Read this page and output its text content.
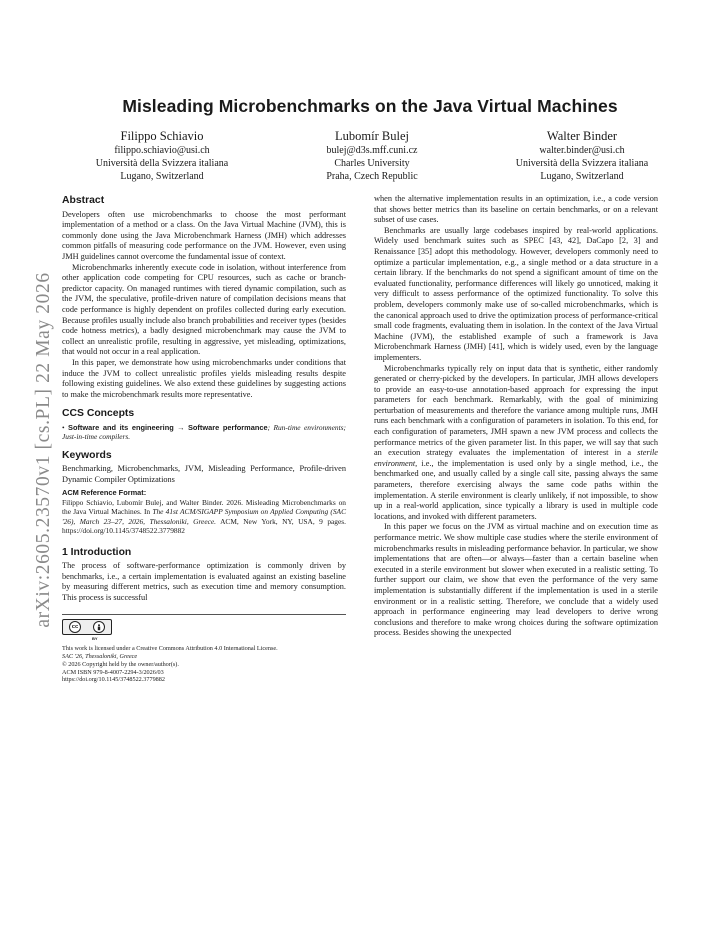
arXiv:2605.23570v1 [cs.PL] 22 May 2026
Misleading Microbenchmarks on the Java Virtual Machines
Filippo Schiavio
filippo.schiavio@usi.ch
Università della Svizzera italiana
Lugano, Switzerland
Lubomír Bulej
bulej@d3s.mff.cuni.cz
Charles University
Praha, Czech Republic
Walter Binder
walter.binder@usi.ch
Università della Svizzera italiana
Lugano, Switzerland
Abstract

Developers often use microbenchmarks to choose the most performant implementation of a method or a class. On the Java Virtual Machine (JVM), this is commonly done using the Java Microbenchmark Harness (JMH) which addresses common pitfalls of measuring code performance on the JVM. However, even using JMH guidelines cannot overcome the fundamental issue of context.

Microbenchmarks inherently execute code in isolation, without interference from other application code competing for CPU resources, such as cache or branch-predictor capacity. On managed runtimes with tiered dynamic compilation, such as the JVM, the speculative, profile-driven nature of compilation decisions means that code performance is highly dependent on profiles collected during early execution. Because profiles usually include also branch probabilities and receiver types (besides code hotness metrics), a badly designed microbenchmark may cause the JVM to collect an unrealistic profile, resulting in aggressive, yet misleading, optimizations, that would not occur in a real application.

In this paper, we demonstrate how using microbenchmarks under conditions that induce the JVM to collect unrealistic profiles yields misleading results despite following existing guidelines. We also extend these guidelines by suggesting actions to make the microbenchmark results more representative.

CCS Concepts

• Software and its engineering → Software performance; Run-time environments; Just-in-time compilers.

Keywords

Benchmarking, Microbenchmarks, JVM, Misleading Performance, Profile-driven Dynamic Compiler Optimizations

ACM Reference Format:

Filippo Schiavio, Lubomír Bulej, and Walter Binder. 2026. Misleading Microbenchmarks on the Java Virtual Machines. In The 41st ACM/SIGAPP Symposium on Applied Computing (SAC '26), March 23–27, 2026, Thessaloniki, Greece. ACM, New York, NY, USA, 9 pages. https://doi.org/10.1145/3748522.3779882

1 Introduction

The process of software-performance optimization is commonly driven by benchmarks, i.e., a certain implementation is evaluated against an existing baseline by measuring different metrics, such as execution time and memory consumption. This process is successful

cc
BY
This work is licensed under a Creative Commons Attribution 4.0 International License.
SAC '26, Thessaloniki, Greece
© 2026 Copyright held by the owner/author(s).
ACM ISBN 979-8-4007-2294-3/2026/03
https://doi.org/10.1145/3748522.3779882

when the alternative implementation results in an optimization, i.e., a code version that shows better metrics than its baseline on certain benchmarks, or on a relevant subset of use cases.

Benchmarks are usually large codebases inspired by real-world applications. Widely used benchmark suites such as SPEC [43, 42], DaCapo [2, 3] and Renaissance [35] adopt this methodology. However, developers commonly need to optimize a particular implementation, e.g., a single method or a data structure in a certain library. If the benchmarks do not spend a significant amount of time on the evaluated functionality, performance differences will likely go unnoticed, making it very difficult to assess performance of the optimized functionality. To solve this problem, developers commonly make use of so-called microbenchmarks, which is the canonical approach used to drive the optimization process of performance-critical small code fragments, evaluating them in isolation. In the context of the Java Virtual Machine (JVM), the established example of such a framework is Java Microbenchmark Harness (JMH) [41], which is widely used, even by the language implementers.

Microbenchmarks typically rely on input data that is synthetic, either randomly generated or cherry-picked by the developers. In particular, JMH allows developers to provide an easy-to-use annotation-based approach for expressing the input parameters for each benchmark. Remarkably, with the goal of minimizing perturbation of measurements and therefore the variance among multiple runs, JMH runs each benchmark with a configuration of parameters in isolation. To this end, for each configuration of parameters, JMH spawn a new JVM process and collects the performance metrics of the given parameter list. In this paper, we will say that such an execution strategy evaluates the implementation of interest in a sterile environment, i.e., the implementation is used only by a single method, i.e., the benchmarked one, and usually called by a single call site, passing always the same parameters, therefore exercising always the same code paths within the implementation. A sterile environment is clearly unlikely, if not impossible, to show up in a real-world application, since typically a library is used in multiple code locations, and invoked with different parameters.

In this paper we focus on the JVM as virtual machine and on execution time as performance metric. We show multiple case studies where the sterile environment of microbenchmarks results in misleading performance behavior. In particular, we show implementations that are often—or always—faster than a certain baseline when executed in a sterile environment but slower when executed in a realistic setting. To further support our claim, we show that even the performance of the very same implementation is substantially different if the implementation is used in a sterile environment or in a realistic setting. Therefore, we conclude that a widely used approach in performance engineering may lead developers to derive wrong conclusions and therefore to make wrong choices during the software optimization process. Besides showing the unexpected
